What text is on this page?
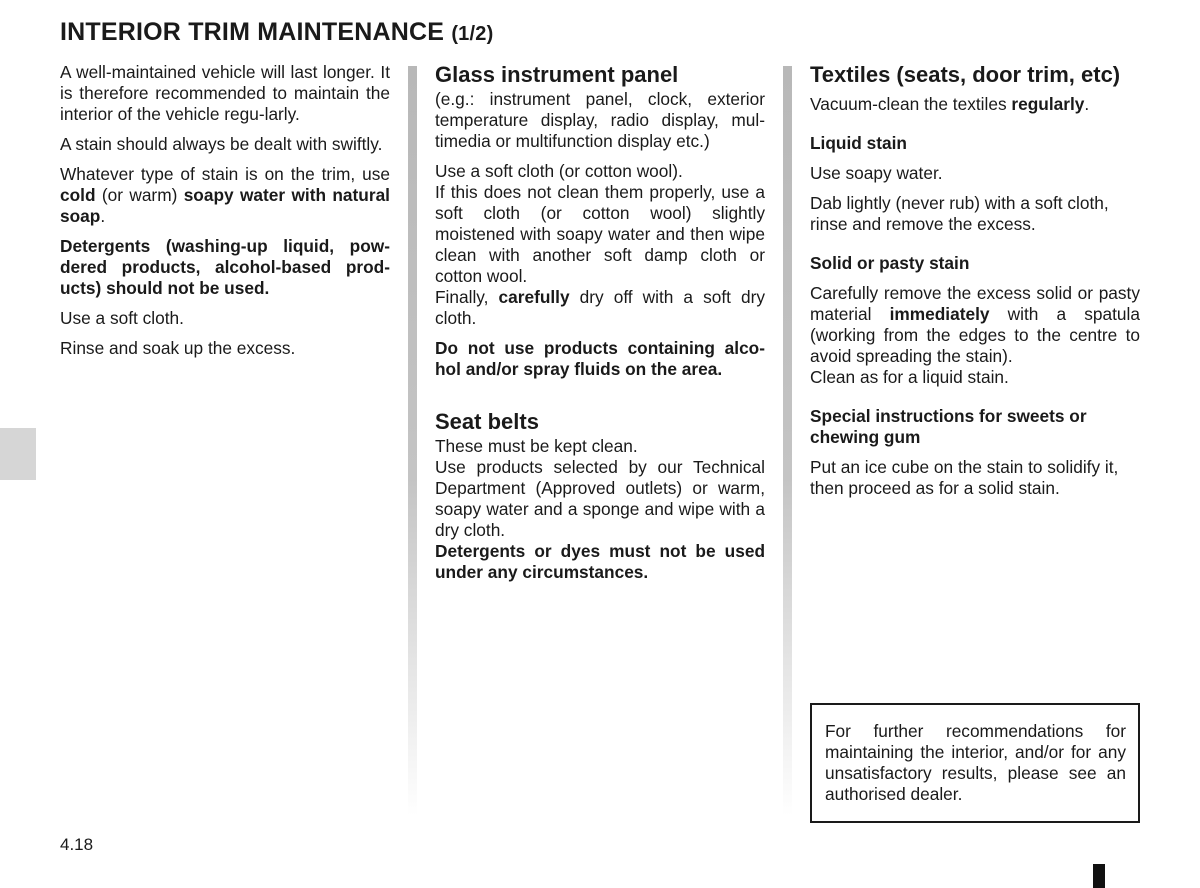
INTERIOR TRIM MAINTENANCE (1/2)

A well-maintained vehicle will last longer. It is therefore recommended to maintain the interior of the vehicle regu-larly.

A stain should always be dealt with swiftly.

Whatever type of stain is on the trim, use cold (or warm) soapy water with natural soap.

Detergents (washing-up liquid, pow-dered products, alcohol-based prod-ucts) should not be used.

Use a soft cloth.

Rinse and soak up the excess.

Glass instrument panel

(e.g.: instrument panel, clock, exterior temperature display, radio display, mul-timedia or multifunction display etc.)

Use a soft cloth (or cotton wool).

If this does not clean them properly, use a soft cloth (or cotton wool) slightly moistened with soapy water and then wipe clean with another soft damp cloth or cotton wool.

Finally, carefully dry off with a soft dry cloth.

Do not use products containing alco-hol and/or spray fluids on the area.

Seat belts

These must be kept clean.

Use products selected by our Technical Department (Approved outlets) or warm, soapy water and a sponge and wipe with a dry cloth.

Detergents or dyes must not be used under any circumstances.

Textiles (seats, door trim, etc)

Vacuum-clean the textiles regularly.

Liquid stain

Use soapy water.

Dab lightly (never rub) with a soft cloth, rinse and remove the excess.

Solid or pasty stain

Carefully remove the excess solid or pasty material immediately with a spatula (working from the edges to the centre to avoid spreading the stain).

Clean as for a liquid stain.

Special instructions for sweets or chewing gum

Put an ice cube on the stain to solidify it, then proceed as for a solid stain.

For further recommendations for maintaining the interior, and/or for any unsatisfactory results, please see an authorised dealer.
4.18
